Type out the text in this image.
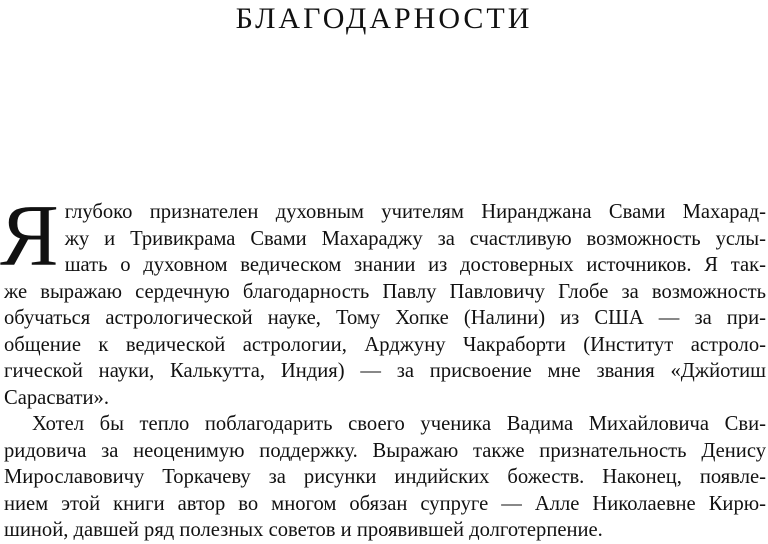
БЛАГОДАРНОСТИ
Я глубоко признателен духовным учителям Ниранджана Свами Махарад-
жу и Тривикрама Свами Махараджу за счастливую возможность услы-
шать о духовном ведическом знании из достоверных источников. Я так-
же выражаю сердечную благодарность Павлу Павловичу Глобе за возможность
обучаться астрологической науке, Тому Хопке (Налини) из США — за при-
общение к ведической астрологии, Арджуну Чакраборти (Институт астроло-
гической науки, Калькутта, Индия) — за присвоение мне звания «Джйотиш
Сарасвати».
Хотел бы тепло поблагодарить своего ученика Вадима Михайловича Сви-
ридовича за неоценимую поддержку. Выражаю также признательность Денису
Мирославовичу Торкачеву за рисунки индийских божеств. Наконец, появле-
нием этой книги автор во многом обязан супруге — Алле Николаевне Кирю-
шиной, давшей ряд полезных советов и проявившей долготерпение.
